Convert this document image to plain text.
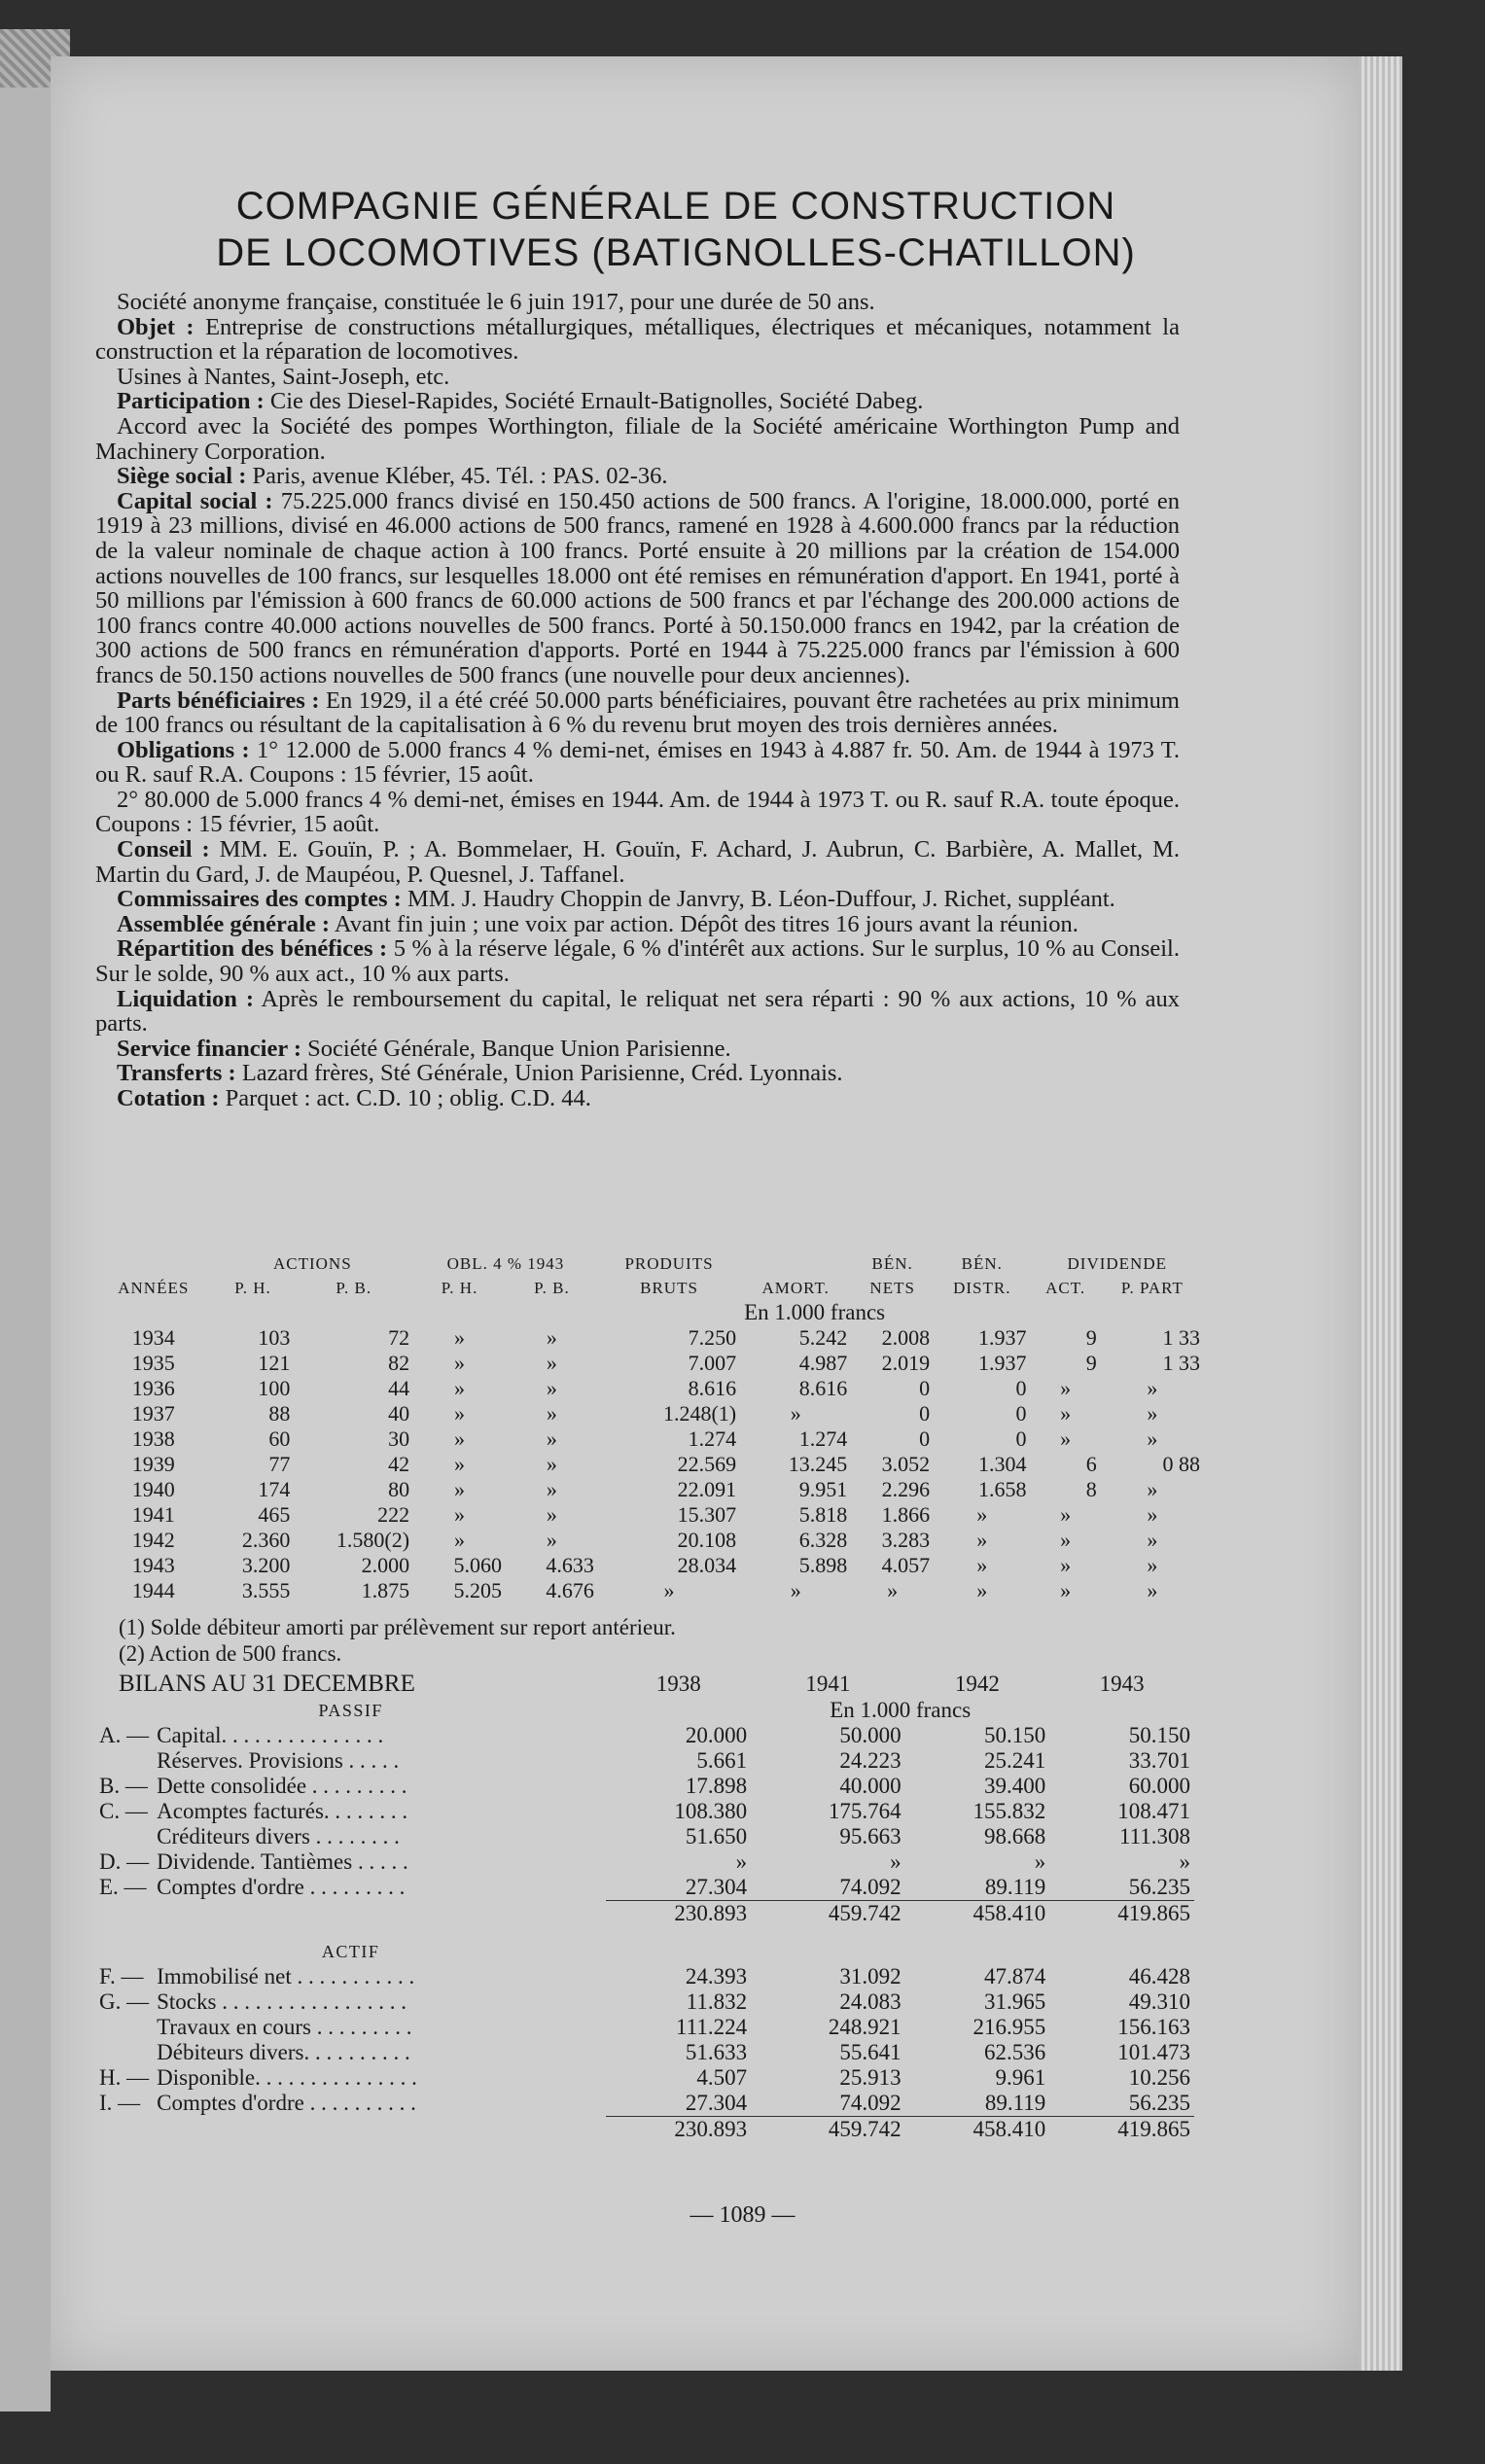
COMPAGNIE GÉNÉRALE DE CONSTRUCTION
DE LOCOMOTIVES (BATIGNOLLES-CHATILLON)

Société anonyme française, constituée le 6 juin 1917, pour une durée de 50 ans.

Objet : Entreprise de constructions métallurgiques, métalliques, électriques et mécaniques, notamment la construction et la réparation de locomotives.

Usines à Nantes, Saint-Joseph, etc.

Participation : Cie des Diesel-Rapides, Société Ernault-Batignolles, Société Dabeg.

Accord avec la Société des pompes Worthington, filiale de la Société américaine Worthington Pump and Machinery Corporation.

Siège social : Paris, avenue Kléber, 45. Tél. : PAS. 02-36.

Capital social : 75.225.000 francs divisé en 150.450 actions de 500 francs. A l'origine, 18.000.000, porté en 1919 à 23 millions, divisé en 46.000 actions de 500 francs, ramené en 1928 à 4.600.000 francs par la réduction de la valeur nominale de chaque action à 100 francs. Porté ensuite à 20 millions par la création de 154.000 actions nouvelles de 100 francs, sur lesquelles 18.000 ont été remises en rémunération d'apport. En 1941, porté à 50 millions par l'émission à 600 francs de 60.000 actions de 500 francs et par l'échange des 200.000 actions de 100 francs contre 40.000 actions nouvelles de 500 francs. Porté à 50.150.000 francs en 1942, par la création de 300 actions de 500 francs en rémunération d'apports. Porté en 1944 à 75.225.000 francs par l'émission à 600 francs de 50.150 actions nouvelles de 500 francs (une nouvelle pour deux anciennes).

Parts bénéficiaires : En 1929, il a été créé 50.000 parts bénéficiaires, pouvant être rachetées au prix minimum de 100 francs ou résultant de la capitalisation à 6 % du revenu brut moyen des trois dernières années.

Obligations : 1° 12.000 de 5.000 francs 4 % demi-net, émises en 1943 à 4.887 fr. 50. Am. de 1944 à 1973 T. ou R. sauf R.A. Coupons : 15 février, 15 août.

2° 80.000 de 5.000 francs 4 % demi-net, émises en 1944. Am. de 1944 à 1973 T. ou R. sauf R.A. toute époque. Coupons : 15 février, 15 août.

Conseil : MM. E. Gouïn, P. ; A. Bommelaer, H. Gouïn, F. Achard, J. Aubrun, C. Barbière, A. Mallet, M. Martin du Gard, J. de Maupéou, P. Quesnel, J. Taffanel.

Commissaires des comptes : MM. J. Haudry Choppin de Janvry, B. Léon-Duffour, J. Richet, suppléant.

Assemblée générale : Avant fin juin ; une voix par action. Dépôt des titres 16 jours avant la réunion.

Répartition des bénéfices : 5 % à la réserve légale, 6 % d'intérêt aux actions. Sur le surplus, 10 % au Conseil. Sur le solde, 90 % aux act., 10 % aux parts.

Liquidation : Après le remboursement du capital, le reliquat net sera réparti : 90 % aux actions, 10 % aux parts.

Service financier : Société Générale, Banque Union Parisienne.

Transferts : Lazard frères, Sté Générale, Union Parisienne, Créd. Lyonnais.

Cotation : Parquet : act. C.D. 10 ; oblig. C.D. 44.

	ACTIONS		OBL. 4 % 1943		PRODUITS		BÉN.	BÉN.	DIVIDENDE	
ANNÉES	P. H.	P. B.	P. H.	P. B.	BRUTS	AMORT.	NETS	DISTR.	ACT.	P. PART
						En 1.000 francs				
1934	103	72	»	»	7.250	5.242	2.008	1.937	9	1 33
1935	121	82	»	»	7.007	4.987	2.019	1.937	9	1 33
1936	100	44	»	»	8.616	8.616	0	0	»	»
1937	88	40	»	»	1.248(1)	»	0	0	»	»
1938	60	30	»	»	1.274	1.274	0	0	»	»
1939	77	42	»	»	22.569	13.245	3.052	1.304	6	0 88
1940	174	80	»	»	22.091	9.951	2.296	1.658	8	»
1941	465	222	»	»	15.307	5.818	1.866	»	»	»
1942	2.360	1.580(2)	»	»	20.108	6.328	3.283	»	»	»
1943	3.200	2.000	5.060	4.633	28.034	5.898	4.057	»	»	»
1944	3.555	1.875	5.205	4.676	»	»	»	»	»	»
(1) Solde débiteur amorti par prélèvement sur report antérieur.
(2) Action de 500 francs.
BILANS AU 31 DECEMBRE		1938	1941	1942	1943
PASSIF		En 1.000 francs			
A. —	Capital. . . . . . . . . . . . . . .	20.000	50.000	50.150	50.150
	Réserves. Provisions . . . . .	5.661	24.223	25.241	33.701
B. —	Dette consolidée . . . . . . . . .	17.898	40.000	39.400	60.000
C. —	Acomptes facturés. . . . . . . .	108.380	175.764	155.832	108.471
	Créditeurs divers . . . . . . . .	51.650	95.663	98.668	111.308
D. —	Dividende. Tantièmes . . . . .	»	»	»	»
E. —	Comptes d'ordre . . . . . . . . .	27.304	74.092	89.119	56.235
		230.893	459.742	458.410	419.865

ACTIF					
F. —	Immobilisé net . . . . . . . . . . .	24.393	31.092	47.874	46.428
G. —	Stocks . . . . . . . . . . . . . . . . .	11.832	24.083	31.965	49.310
	Travaux en cours . . . . . . . . .	111.224	248.921	216.955	156.163
	Débiteurs divers. . . . . . . . . .	51.633	55.641	62.536	101.473
H. —	Disponible. . . . . . . . . . . . . . .	4.507	25.913	9.961	10.256
I. —	Comptes d'ordre . . . . . . . . . .	27.304	74.092	89.119	56.235
		230.893	459.742	458.410	419.865
— 1089 —
